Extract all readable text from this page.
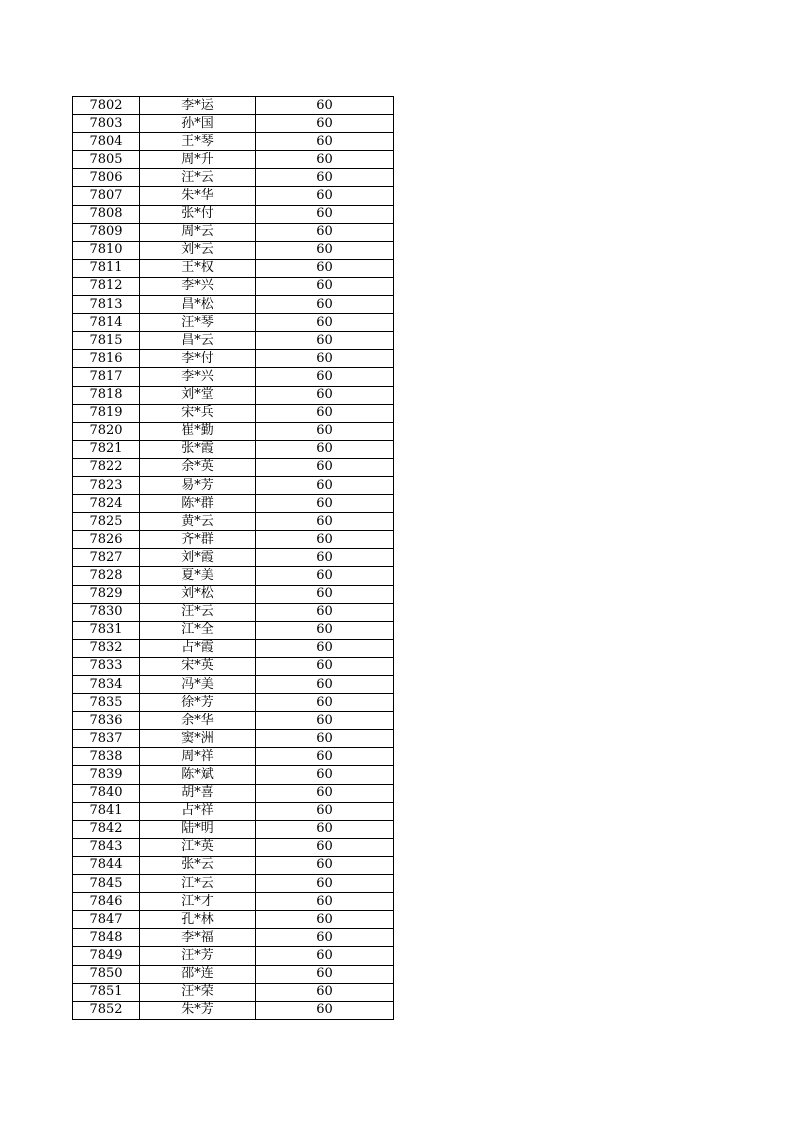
7802	李*运	60
7803	孙*国	60
7804	王*琴	60
7805	周*升	60
7806	汪*云	60
7807	朱*华	60
7808	张*付	60
7809	周*云	60
7810	刘*云	60
7811	王*权	60
7812	李*兴	60
7813	昌*松	60
7814	汪*琴	60
7815	昌*云	60
7816	李*付	60
7817	李*兴	60
7818	刘*堂	60
7819	宋*兵	60
7820	崔*勤	60
7821	张*霞	60
7822	余*英	60
7823	易*芳	60
7824	陈*群	60
7825	黄*云	60
7826	齐*群	60
7827	刘*霞	60
7828	夏*美	60
7829	刘*松	60
7830	汪*云	60
7831	江*全	60
7832	占*霞	60
7833	宋*英	60
7834	冯*美	60
7835	徐*芳	60
7836	余*华	60
7837	窦*洲	60
7838	周*祥	60
7839	陈*斌	60
7840	胡*喜	60
7841	占*祥	60
7842	陆*明	60
7843	江*英	60
7844	张*云	60
7845	江*云	60
7846	江*才	60
7847	孔*林	60
7848	李*福	60
7849	汪*芳	60
7850	邵*连	60
7851	汪*荣	60
7852	朱*芳	60
